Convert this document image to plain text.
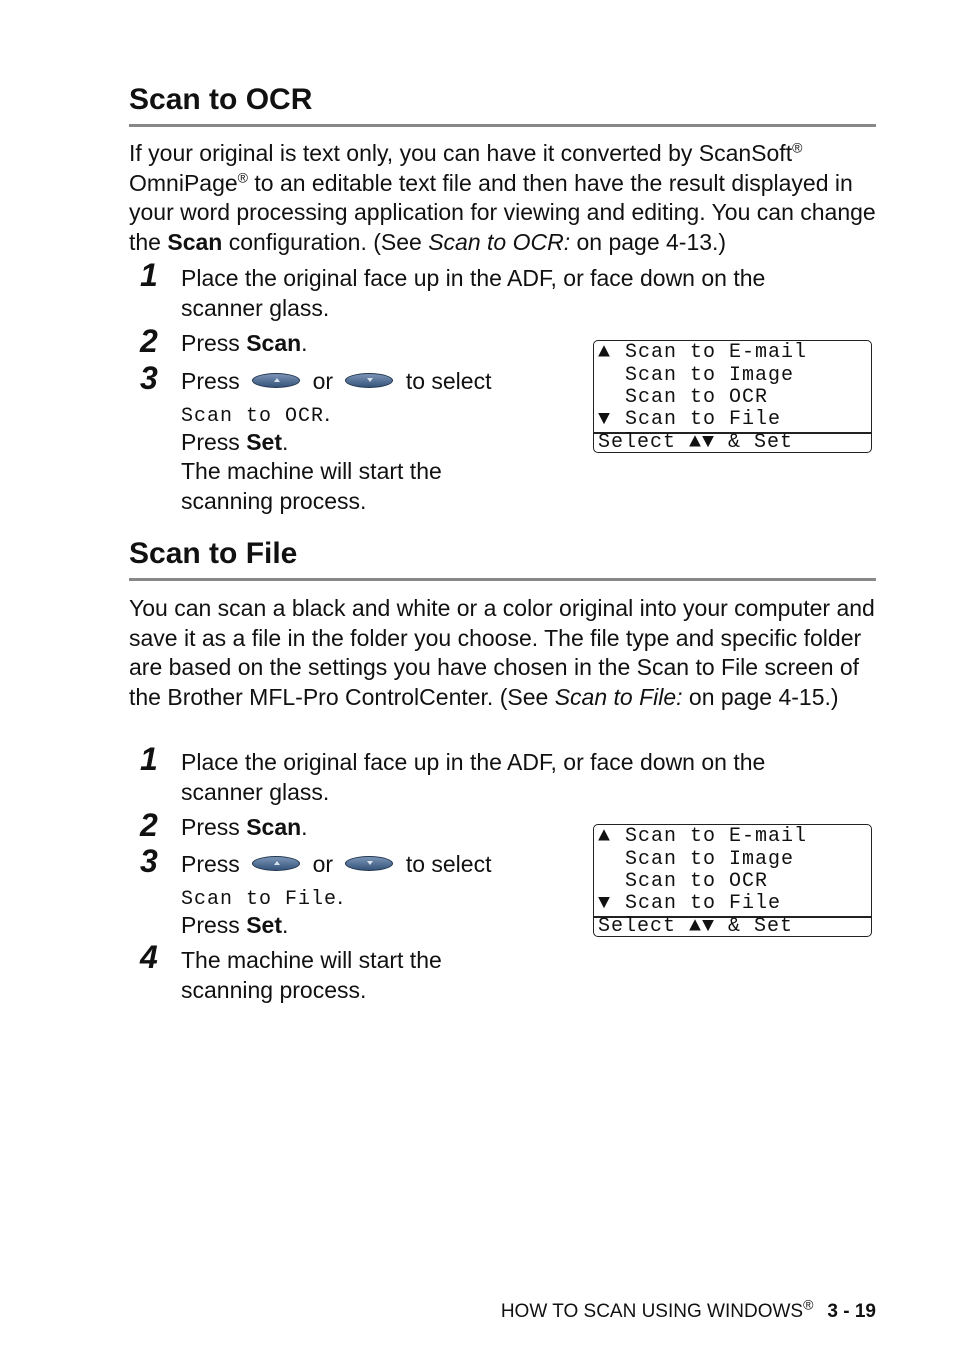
Scan to OCR

If your original is text only, you can have it converted by ScanSoft® OmniPage® to an editable text file and then have the result displayed in your word processing application for viewing and editing. You can change the Scan configuration. (See Scan to OCR: on page 4-13.)

1 Place the original face up in the ADF, or face down on the scanner glass.
2 Press Scan.
3 Press	or	to select
Scan to OCR.
Press Set.
The machine will start the scanning process.
▲ Scan to E-mail
Scan to Image
Scan to OCR
▼ Scan to File
Select ▲▼ & Set
Scan to File

You can scan a black and white or a color original into your computer and save it as a file in the folder you choose. The file type and specific folder are based on the settings you have chosen in the Scan to File screen of the Brother MFL-Pro ControlCenter. (See Scan to File: on page 4-15.)

1 Place the original face up in the ADF, or face down on the scanner glass.
2 Press Scan.
3 Press	or	to select
Scan to File.
Press Set.
4 The machine will start the scanning process.
▲ Scan to E-mail
Scan to Image
Scan to OCR
▼ Scan to File
Select ▲▼ & Set
HOW TO SCAN USING WINDOWS® 3 - 19
